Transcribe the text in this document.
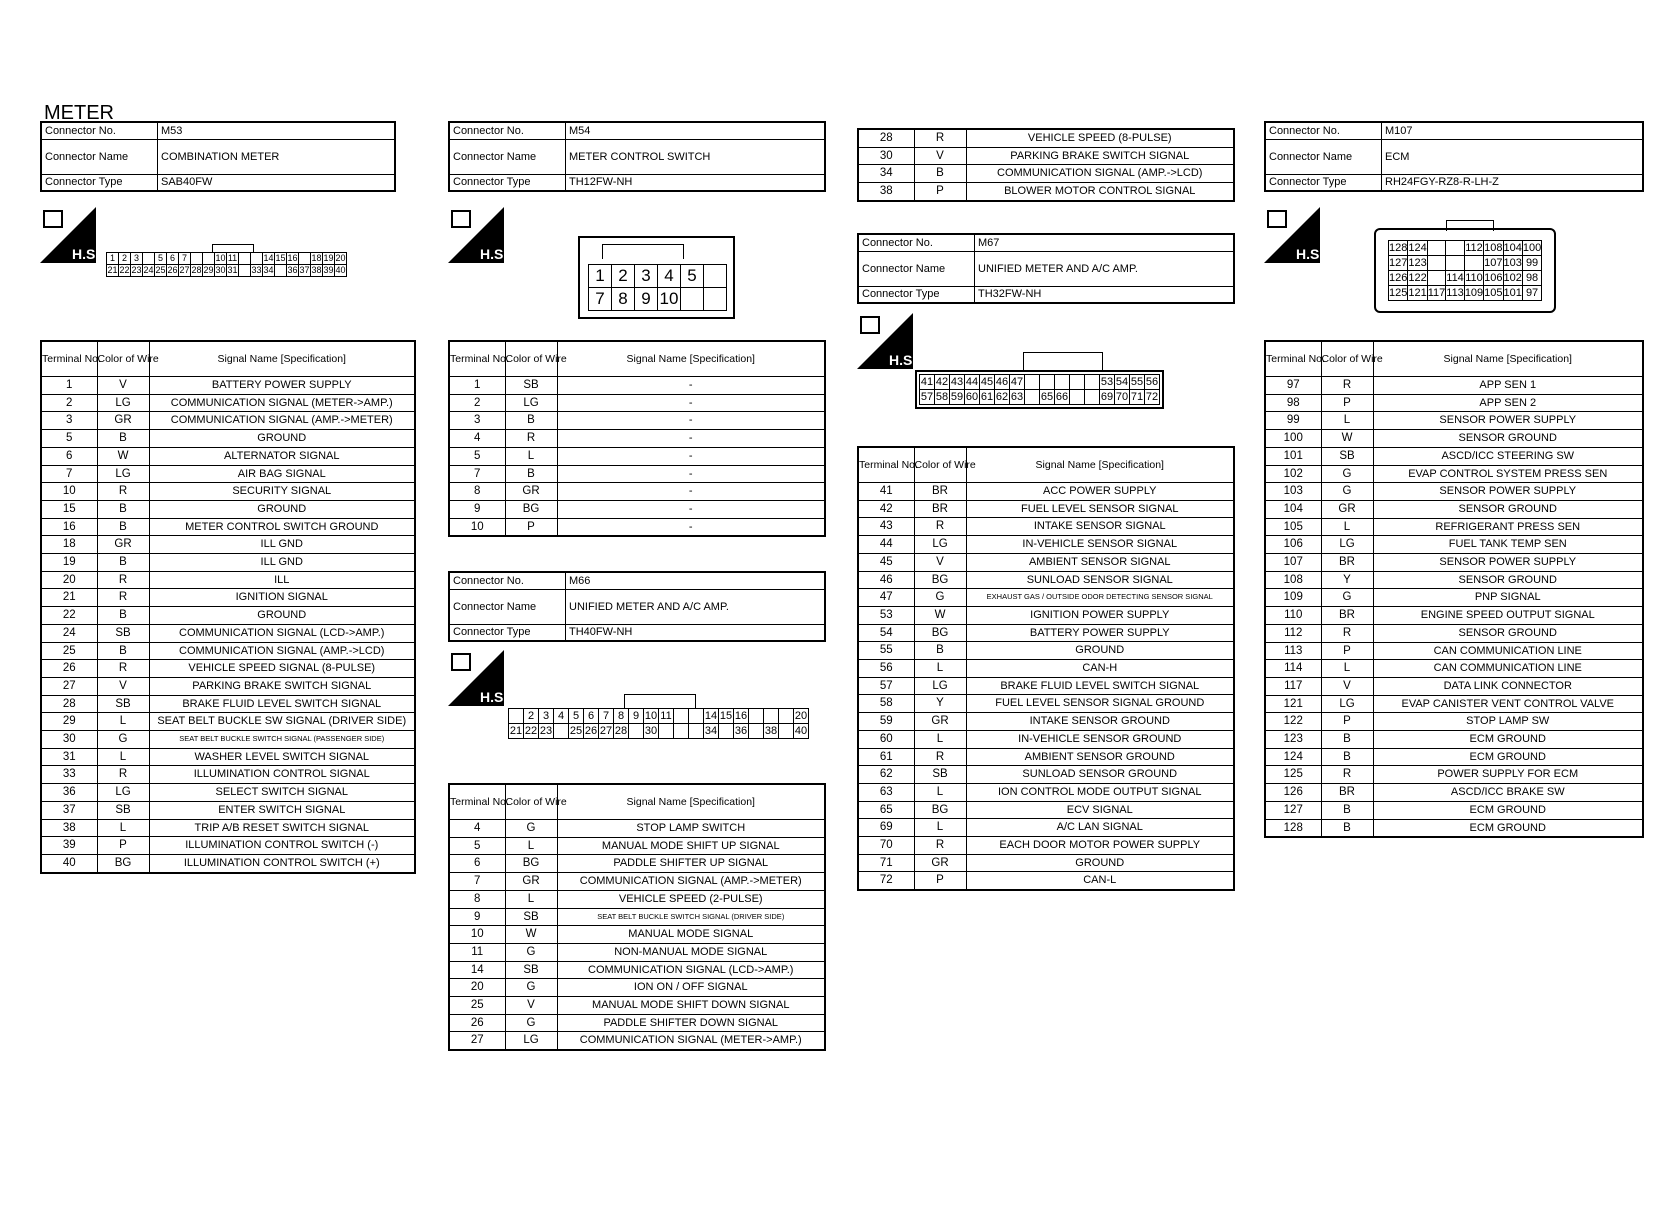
METER
Connector No.	M53
Connector Name	COMBINATION METER
Connector Type	SAB40FW
H.S. 1	2	3		5	6	7			10	11			14	15	16		18	19	20
21	22	23	24	25	26	27	28	29	30	31		33	34		36	37	38	39	40
Terminal No.	Color of Wire	Signal Name [Specification]
1	V	BATTERY POWER SUPPLY
2	LG	COMMUNICATION SIGNAL (METER->AMP.)
3	GR	COMMUNICATION SIGNAL (AMP.->METER)
5	B	GROUND
6	W	ALTERNATOR SIGNAL
7	LG	AIR BAG SIGNAL
10	R	SECURITY SIGNAL
15	B	GROUND
16	B	METER CONTROL SWITCH GROUND
18	GR	ILL GND
19	B	ILL GND
20	R	ILL
21	R	IGNITION SIGNAL
22	B	GROUND
24	SB	COMMUNICATION SIGNAL (LCD->AMP.)
25	B	COMMUNICATION SIGNAL (AMP.->LCD)
26	R	VEHICLE SPEED SIGNAL (8-PULSE)
27	V	PARKING BRAKE SWITCH SIGNAL
28	SB	BRAKE FLUID LEVEL SWITCH SIGNAL
29	L	SEAT BELT BUCKLE SW SIGNAL (DRIVER SIDE)
30	G	SEAT BELT BUCKLE SWITCH SIGNAL (PASSENGER SIDE)
31	L	WASHER LEVEL SWITCH SIGNAL
33	R	ILLUMINATION CONTROL SIGNAL
36	LG	SELECT SWITCH SIGNAL
37	SB	ENTER SWITCH SIGNAL
38	L	TRIP A/B RESET SWITCH SIGNAL
39	P	ILLUMINATION CONTROL SWITCH (-)
40	BG	ILLUMINATION CONTROL SWITCH (+)
Connector No.	M54
Connector Name	METER CONTROL SWITCH
Connector Type	TH12FW-NH
H.S.
1	2	3	4	5	
7	8	9	10		
Terminal No.	Color of Wire	Signal Name [Specification]
1	SB	-
2	LG	-
3	B	-
4	R	-
5	L	-
7	B	-
8	GR	-
9	BG	-
10	P	-
Connector No.	M66
Connector Name	UNIFIED METER AND A/C AMP.
Connector Type	TH40FW-NH
H.S.
	2	3	4	5	6	7	8	9	10	11			14	15	16				20
21	22	23		25	26	27	28		30				34		36		38		40
Terminal No.	Color of Wire	Signal Name [Specification]
4	G	STOP LAMP SWITCH
5	L	MANUAL MODE SHIFT UP SIGNAL
6	BG	PADDLE SHIFTER UP SIGNAL
7	GR	COMMUNICATION SIGNAL (AMP.->METER)
8	L	VEHICLE SPEED (2-PULSE)
9	SB	SEAT BELT BUCKLE SWITCH SIGNAL (DRIVER SIDE)
10	W	MANUAL MODE SIGNAL
11	G	NON-MANUAL MODE SIGNAL
14	SB	COMMUNICATION SIGNAL (LCD->AMP.)
20	G	ION ON / OFF SIGNAL
25	V	MANUAL MODE SHIFT DOWN SIGNAL
26	G	PADDLE SHIFTER DOWN SIGNAL
27	LG	COMMUNICATION SIGNAL (METER->AMP.)
28	R	VEHICLE SPEED (8-PULSE)
30	V	PARKING BRAKE SWITCH SIGNAL
34	B	COMMUNICATION SIGNAL (AMP.->LCD)
38	P	BLOWER MOTOR CONTROL SIGNAL
Connector No.	M67
Connector Name	UNIFIED METER AND A/C AMP.
Connector Type	TH32FW-NH
H.S.
41	42	43	44	45	46	47						53	54	55	56
57	58	59	60	61	62	63		65	66			69	70	71	72
Terminal No.	Color of Wire	Signal Name [Specification]
41	BR	ACC POWER SUPPLY
42	BR	FUEL LEVEL SENSOR SIGNAL
43	R	INTAKE SENSOR SIGNAL
44	LG	IN-VEHICLE SENSOR SIGNAL
45	V	AMBIENT SENSOR SIGNAL
46	BG	SUNLOAD SENSOR SIGNAL
47	G	EXHAUST GAS / OUTSIDE ODOR DETECTING SENSOR SIGNAL
53	W	IGNITION POWER SUPPLY
54	BG	BATTERY POWER SUPPLY
55	B	GROUND
56	L	CAN-H
57	LG	BRAKE FLUID LEVEL SWITCH SIGNAL
58	Y	FUEL LEVEL SENSOR SIGNAL GROUND
59	GR	INTAKE SENSOR GROUND
60	L	IN-VEHICLE SENSOR GROUND
61	R	AMBIENT SENSOR GROUND
62	SB	SUNLOAD SENSOR GROUND
63	L	ION CONTROL MODE OUTPUT SIGNAL
65	BG	ECV SIGNAL
69	L	A/C LAN SIGNAL
70	R	EACH DOOR MOTOR POWER SUPPLY
71	GR	GROUND
72	P	CAN-L
Connector No.	M107
Connector Name	ECM
Connector Type	RH24FGY-RZ8-R-LH-Z
H.S.	128	124			112	108	104	100
127	123				107	103	99
126	122		114	110	106	102	98
125	121	117	113	109	105	101	97
Terminal No.	Color of Wire	Signal Name [Specification]
97	R	APP SEN 1
98	P	APP SEN 2
99	L	SENSOR POWER SUPPLY
100	W	SENSOR GROUND
101	SB	ASCD/ICC STEERING SW
102	G	EVAP CONTROL SYSTEM PRESS SEN
103	G	SENSOR POWER SUPPLY
104	GR	SENSOR GROUND
105	L	REFRIGERANT PRESS SEN
106	LG	FUEL TANK TEMP SEN
107	BR	SENSOR POWER SUPPLY
108	Y	SENSOR GROUND
109	G	PNP SIGNAL
110	BR	ENGINE SPEED OUTPUT SIGNAL
112	R	SENSOR GROUND
113	P	CAN COMMUNICATION LINE
114	L	CAN COMMUNICATION LINE
117	V	DATA LINK CONNECTOR
121	LG	EVAP CANISTER VENT CONTROL VALVE
122	P	STOP LAMP SW
123	B	ECM GROUND
124	B	ECM GROUND
125	R	POWER SUPPLY FOR ECM
126	BR	ASCD/ICC BRAKE SW
127	B	ECM GROUND
128	B	ECM GROUND
